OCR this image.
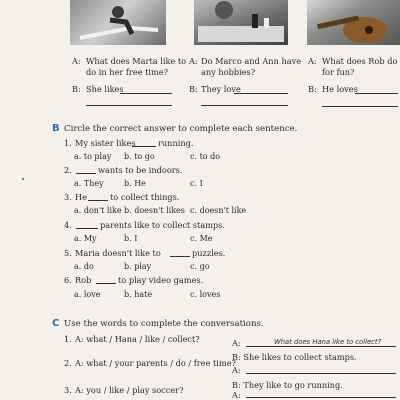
A: What does Marta like to
do in her free time?
B: She likes
A: Do Marco and Ann have
any hobbies?
B: They love
A: What does Rob do
for fun?
B: He loves
B Circle the correct answer to complete each sentence.
1. My sister likes	running.
a. to play b. to go	c. to do
2.	wants to be indoors.
a. They	b. He	c. I
3. He	to collect things.
a. don't like b. doesn't likes c. doesn't like
4.	parents like to collect stamps.
a. My	b. I	c. Me
5. Maria doesn't like to	puzzles.
a. do	b. play	c. go
6. Rob	to play video games.
a. love	b. hate	c. loves
C Use the words to complete the conversations.
1. A: what / Hana / like / collect?	A:	What does Hana like to collect?
B: She likes to collect stamps.
2. A: what / your parents / do / free time?
A:
B: They like to go running.
3. A: you / like / play soccer?	A:
